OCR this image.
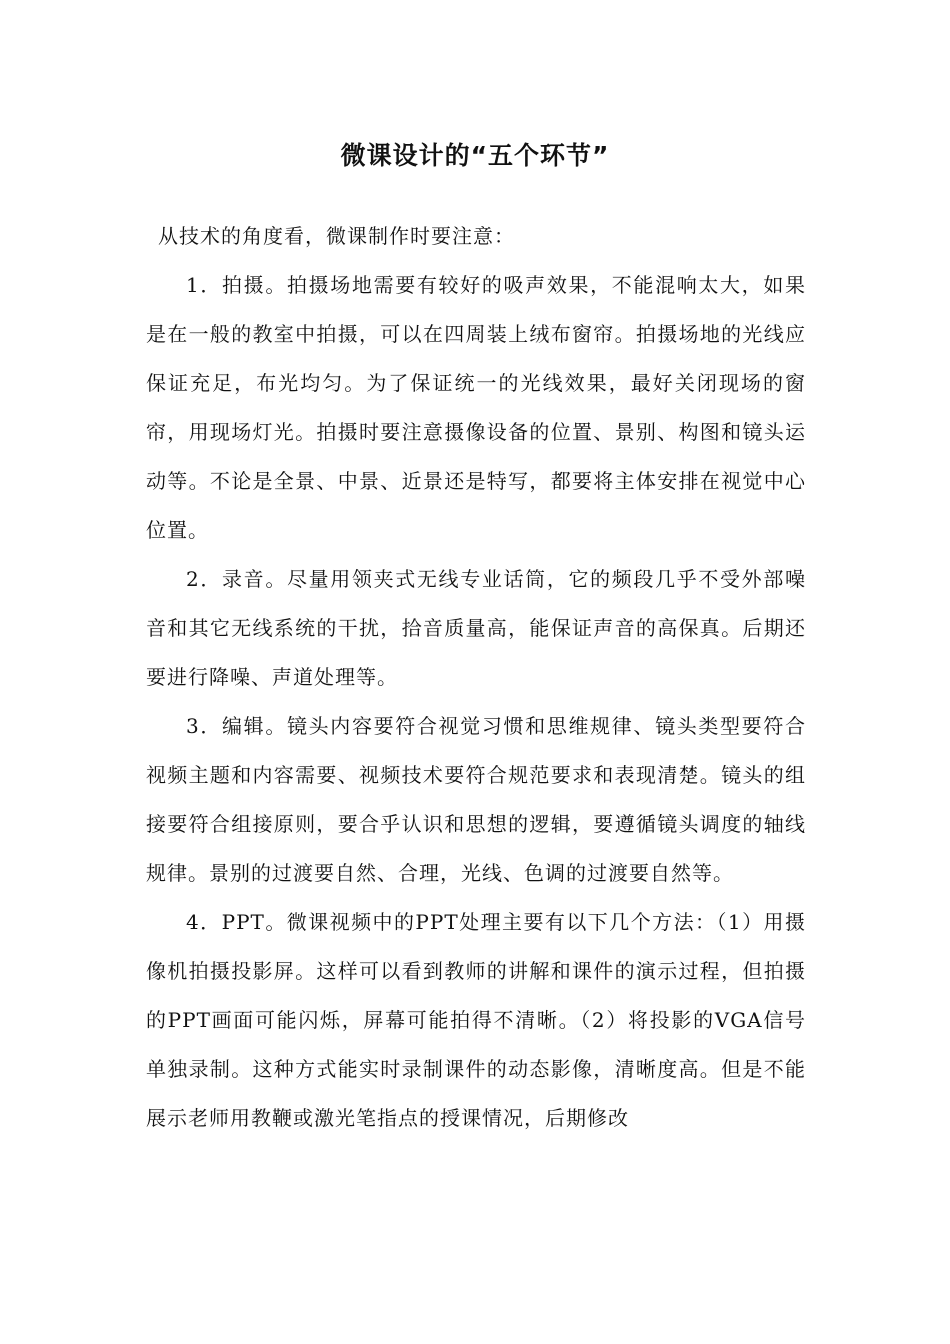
微课设计的“五个环节”

从技术的角度看，微课制作时要注意：

1．拍摄。拍摄场地需要有较好的吸声效果，不能混响太大，如果是在一般的教室中拍摄，可以在四周装上绒布窗帘。拍摄场地的光线应保证充足，布光均匀。为了保证统一的光线效果，最好关闭现场的窗帘，用现场灯光。拍摄时要注意摄像设备的位置、景别、构图和镜头运动等。不论是全景、中景、近景还是特写，都要将主体安排在视觉中心位置。

2．录音。尽量用领夹式无线专业话筒，它的频段几乎不受外部噪音和其它无线系统的干扰，拾音质量高，能保证声音的高保真。后期还要进行降噪、声道处理等。

3．编辑。镜头内容要符合视觉习惯和思维规律、镜头类型要符合视频主题和内容需要、视频技术要符合规范要求和表现清楚。镜头的组接要符合组接原则，要合乎认识和思想的逻辑，要遵循镜头调度的轴线规律。景别的过渡要自然、合理，光线、色调的过渡要自然等。

4．PPT。微课视频中的PPT处理主要有以下几个方法：（1）用摄像机拍摄投影屏。这样可以看到教师的讲解和课件的演示过程，但拍摄的PPT画面可能闪烁，屏幕可能拍得不清晰。（2）将投影的VGA信号单独录制。这种方式能实时录制课件的动态影像，清晰度高。但是不能展示老师用教鞭或激光笔指点的授课情况，后期修改
